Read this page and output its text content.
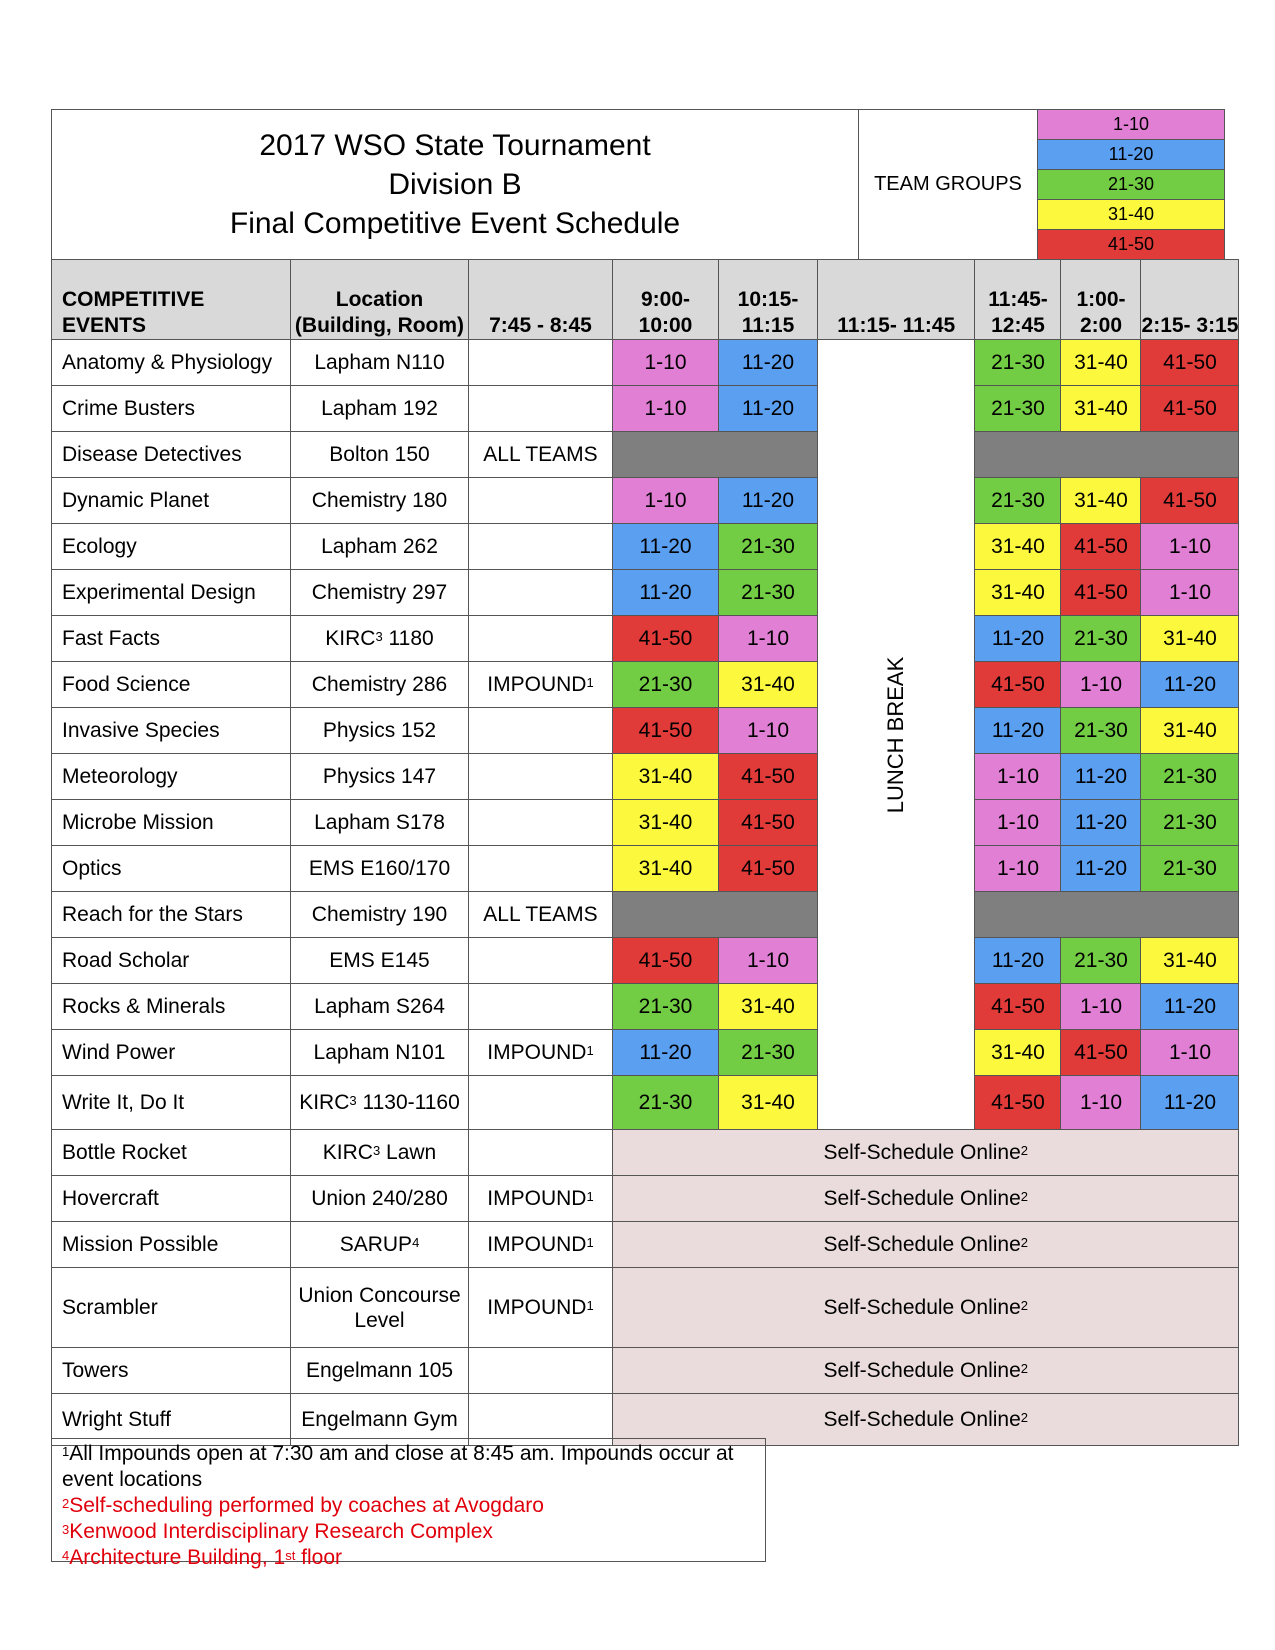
2017 WSO State Tournament
Division B
Final Competitive Event Schedule
	TEAM GROUPS	1-10
11-20
21-30
31-40
41-50
COMPETITIVE EVENTS	Location (Building, Room)	7:45 - 8:45	9:00- 10:00	10:15- 11:15	11:15- 11:45	11:45- 12:45	1:00- 2:00	2:15- 3:15
Anatomy & Physiology	Lapham N110		1-10	11-20	LUNCH BREAK	21-30	31-40	41-50
Crime Busters	Lapham 192		1-10	11-20		21-30	31-40	41-50
Disease Detectives	Bolton 150	ALL TEAMS						
Dynamic Planet	Chemistry 180		1-10	11-20		21-30	31-40	41-50
Ecology	Lapham 262		11-20	21-30		31-40	41-50	1-10
Experimental Design	Chemistry 297		11-20	21-30		31-40	41-50	1-10
Fast Facts	KIRC$^3$ 1180		41-50	1-10		11-20	21-30	31-40
Food Science	Chemistry 286	IMPOUND$^1$	21-30	31-40		41-50	1-10	11-20
Invasive Species	Physics 152		41-50	1-10		11-20	21-30	31-40
Meteorology	Physics 147		31-40	41-50		1-10	11-20	21-30
Microbe Mission	Lapham S178		31-40	41-50		1-10	11-20	21-30
Optics	EMS E160/170		31-40	41-50		1-10	11-20	21-30
Reach for the Stars	Chemistry 190	ALL TEAMS						
Road Scholar	EMS E145		41-50	1-10		11-20	21-30	31-40
Rocks & Minerals	Lapham S264		21-30	31-40		41-50	1-10	11-20
Wind Power	Lapham N101	IMPOUND$^1$	11-20	21-30		31-40	41-50	1-10
Write It, Do It	KIRC$^3$ 1130-1160		21-30	31-40		41-50	1-10	11-20
Bottle Rocket	KIRC$^3$ Lawn		Self-Schedule Online$^2$
Hovercraft	Union 240/280	IMPOUND$^1$	Self-Schedule Online$^2$
Mission Possible	SARUP$^4$	IMPOUND$^1$	Self-Schedule Online$^2$
Scrambler	Union Concourse Level	IMPOUND$^1$	Self-Schedule Online$^2$
Towers	Engelmann 105		Self-Schedule Online$^2$
Wright Stuff	Engelmann Gym		Self-Schedule Online$^2$
$^1$All Impounds open at 7:30 am and close at 8:45 am. Impounds occur at event locations
$^2$Self-scheduling performed by coaches at Avogdaro
$^3$Kenwood Interdisciplinary Research Complex
$^4$Architecture Building, 1st floor
